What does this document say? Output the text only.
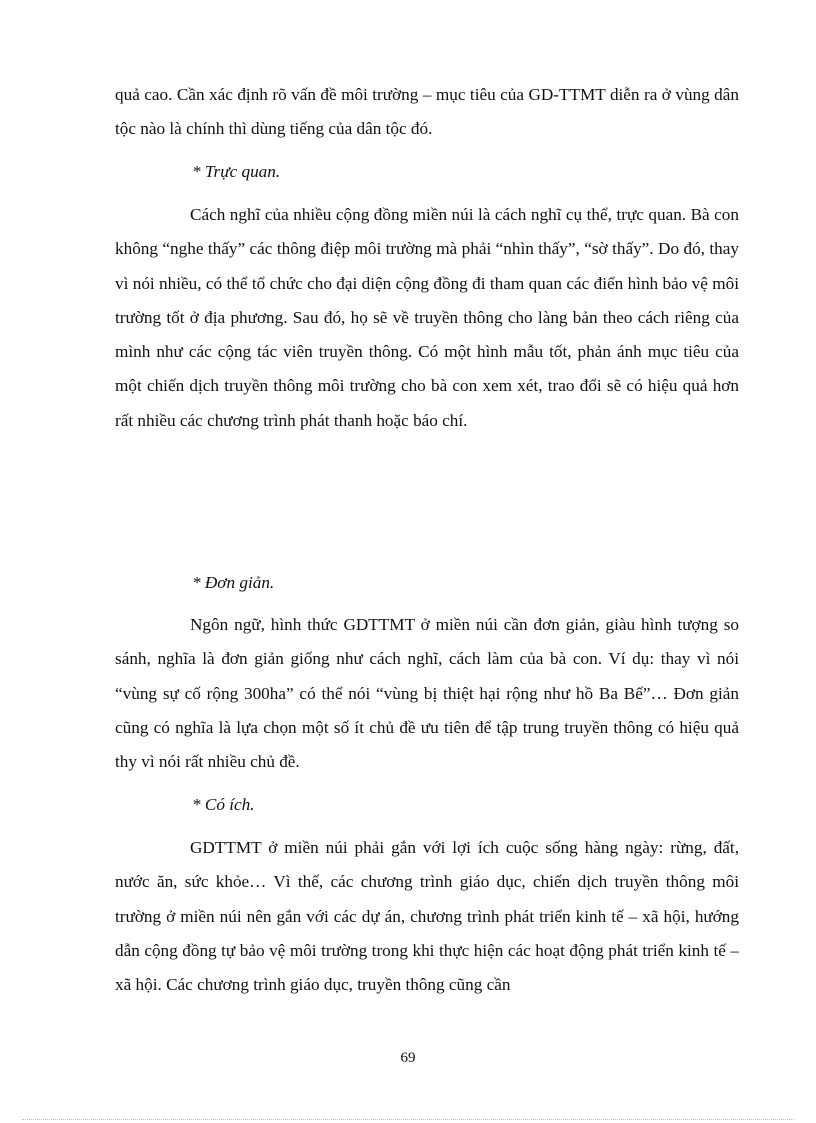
quả cao. Cần xác định rõ vấn đề môi trường – mục tiêu của GD-TTMT diễn ra ở vùng dân tộc nào là chính thì dùng tiếng của dân tộc đó.

* Trực quan.

Cách nghĩ của nhiều cộng đồng miền núi là cách nghĩ cụ thể, trực quan. Bà con không “nghe thấy” các thông điệp môi trường mà phải “nhìn thấy”, “sờ thấy”. Do đó, thay vì nói nhiều, có thể tổ chức cho đại diện cộng đồng đi tham quan các điển hình bảo vệ môi trường tốt ở địa phương. Sau đó, họ sẽ về truyền thông cho làng bản theo cách riêng của mình như các cộng tác viên truyền thông. Có một hình mẫu tốt, phản ánh mục tiêu của một chiến dịch truyền thông môi trường cho bà con xem xét, trao đổi sẽ có hiệu quả hơn rất nhiều các chương trình phát thanh hoặc báo chí.

* Đơn giản.

Ngôn ngữ, hình thức GDTTMT ở miền núi cần đơn giản, giàu hình tượng so sánh, nghĩa là đơn giản giống như cách nghĩ, cách làm của bà con. Ví dụ: thay vì nói “vùng sự cố rộng 300ha” có thể nói “vùng bị thiệt hại rộng như hồ Ba Bể”… Đơn giản cũng có nghĩa là lựa chọn một số ít chủ đề ưu tiên để tập trung truyền thông có hiệu quả thy vì nói rất nhiều chủ đề.

* Có ích.

GDTTMT ở miền núi phải gắn với lợi ích cuộc sống hàng ngày: rừng, đất, nước ăn, sức khỏe… Vì thế, các chương trình giáo dục, chiến dịch truyền thông môi trường ở miền núi nên gắn với các dự án, chương trình phát triển kinh tế – xã hội, hướng dẫn cộng đồng tự bảo vệ môi trường trong khi thực hiện các hoạt động phát triển kinh tế – xã hội. Các chương trình giáo dục, truyền thông cũng cần

69
